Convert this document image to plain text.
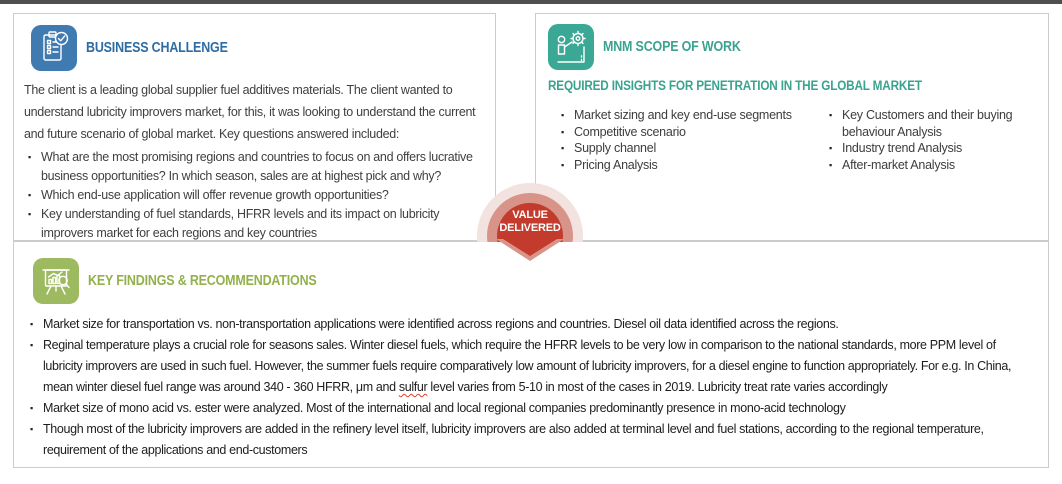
BUSINESS CHALLENGE
The client is a leading global supplier fuel additives materials. The client wanted to understand lubricity improvers market, for this, it was looking to understand the current and future scenario of global market. Key questions answered included:
▪ What are the most promising regions and countries to focus on and offers lucrative business opportunities? In which season, sales are at highest pick and why?
▪ Which end-use application will offer revenue growth opportunities?
▪ Key understanding of fuel standards, HFRR levels and its impact on lubricity improvers market for each regions and key countries
MNM SCOPE OF WORK
REQUIRED INSIGHTS FOR PENETRATION IN THE GLOBAL MARKET
▪ Market sizing and key end-use segments
▪ Competitive scenario
▪ Supply channel
▪ Pricing Analysis
▪ Key Customers and their buying behaviour Analysis
▪ Industry trend Analysis
▪ After-market Analysis
KEY FINDINGS & RECOMMENDATIONS
▪ Market size for transportation vs. non-transportation applications were identified across regions and countries. Diesel oil data identified across the regions.
▪ Reginal temperature plays a crucial role for seasons sales. Winter diesel fuels, which require the HFRR levels to be very low in comparison to the national standards, more PPM level of lubricity improvers are used in such fuel. However, the summer fuels require comparatively low amount of lubricity improvers, for a diesel engine to function appropriately. For e.g. In China, mean winter diesel fuel range was around 340 - 360 HFRR, μm and sulfur level varies from 5-10 in most of the cases in 2019. Lubricity treat rate varies accordingly
▪ Market size of mono acid vs. ester were analyzed. Most of the international and local regional companies predominantly presence in mono-acid technology
▪ Though most of the lubricity improvers are added in the refinery level itself, lubricity improvers are also added at terminal level and fuel stations, according to the regional temperature, requirement of the applications and end-customers
VALUE
DELIVERED
